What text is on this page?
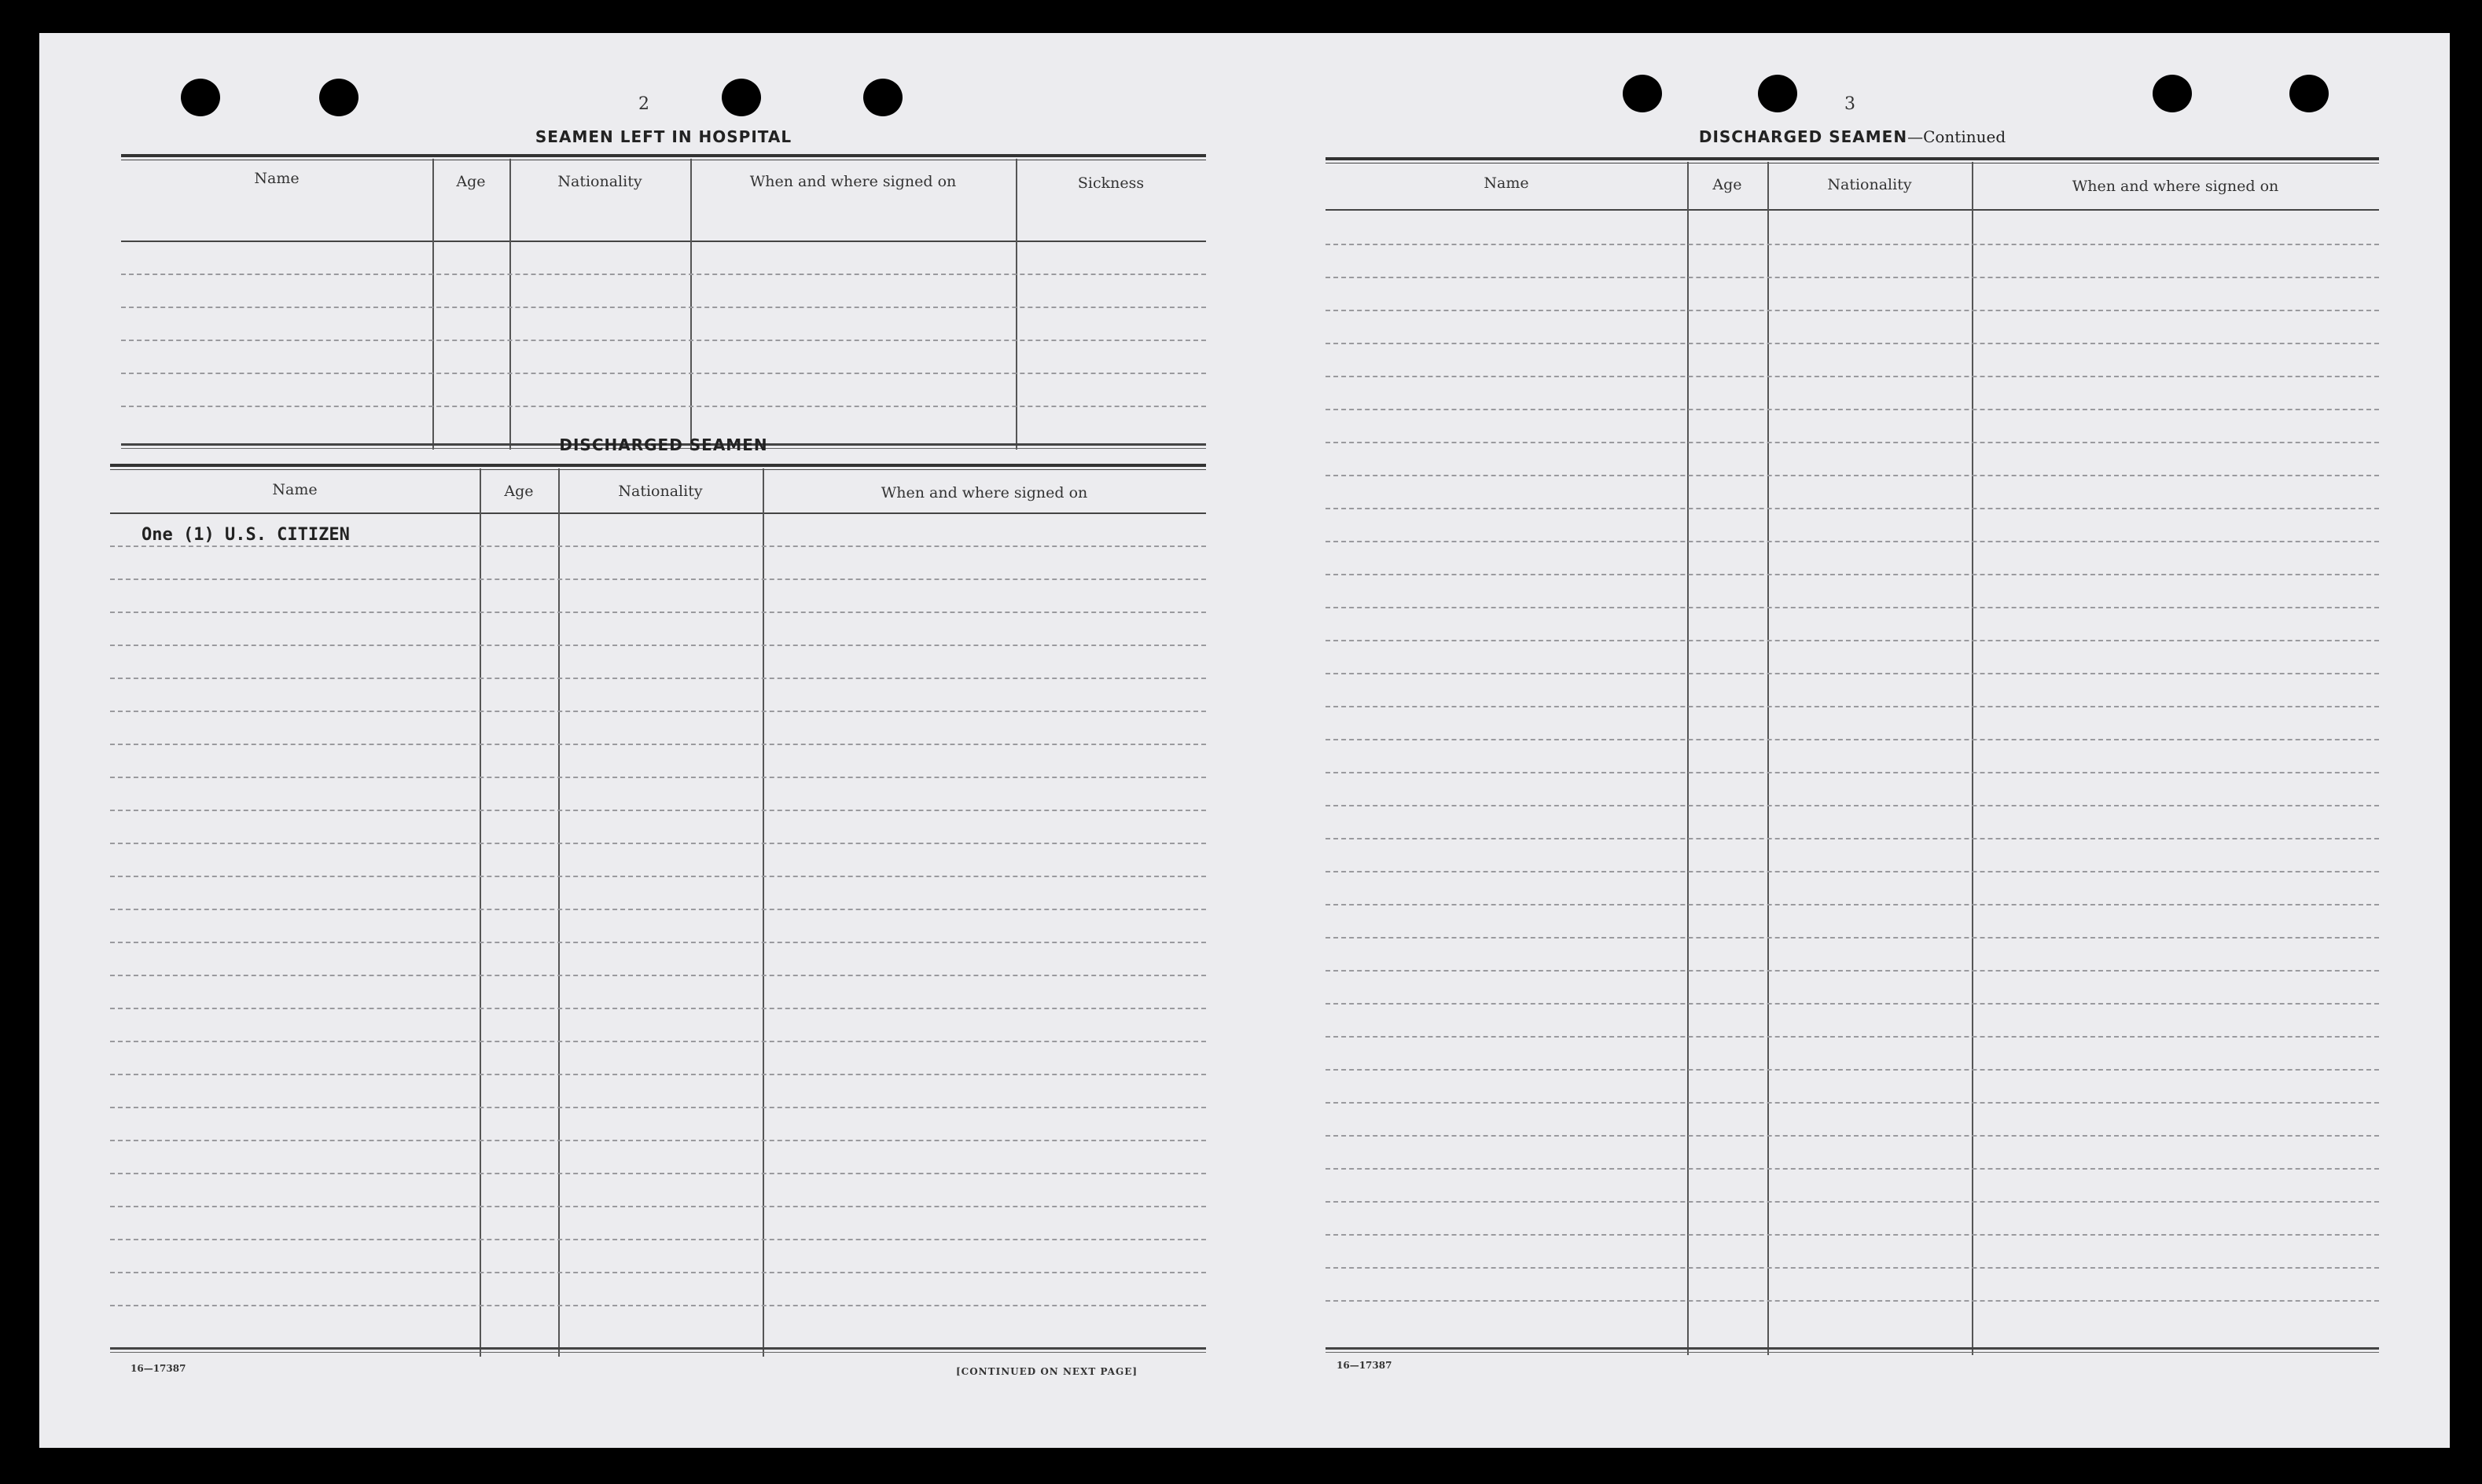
2
SEAMEN LEFT IN HOSPITAL
Name	Age	Nationality	When and where signed on	Sickness
DISCHARGED SEAMEN
Name	Age	Nationality	When and where signed on
One (1) U.S. CITIZEN
16—17387	[CONTINUED ON NEXT PAGE]
3
DISCHARGED SEAMEN—Continued
Name	Age	Nationality	When and where signed on
16—17387
